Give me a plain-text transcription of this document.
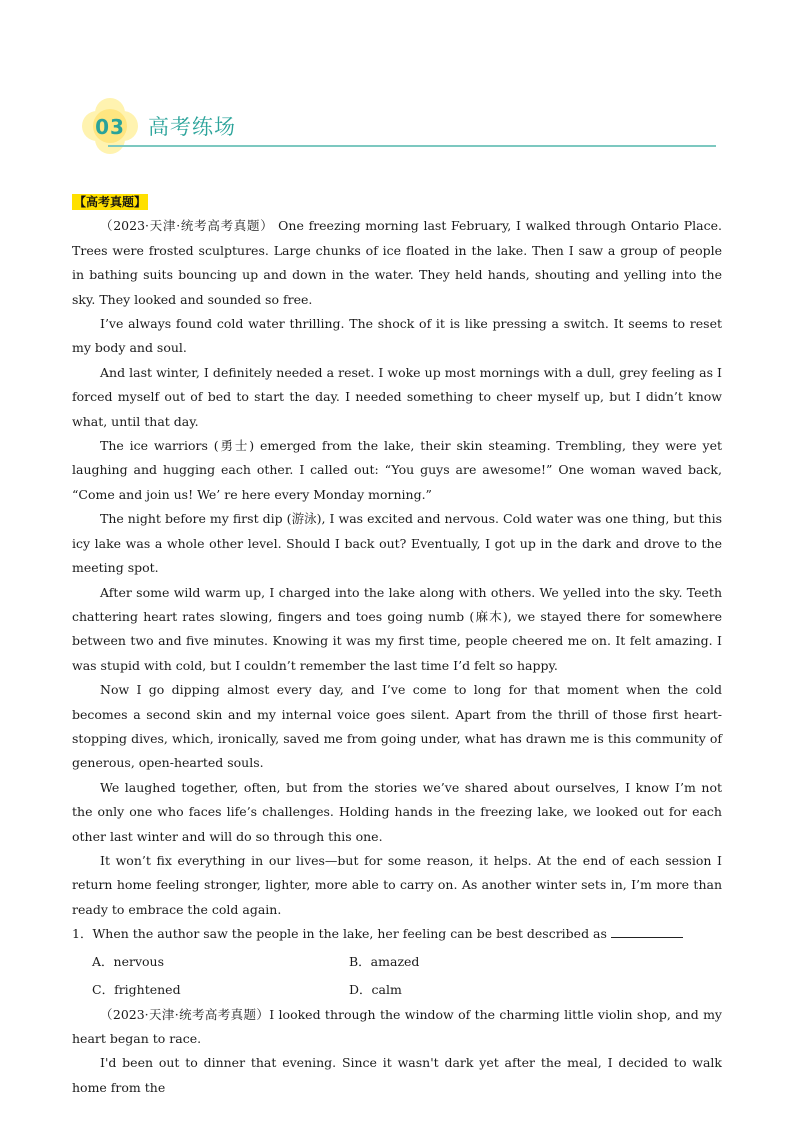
03	高考练场
【高考真题】

（2023·天津·统考高考真题） One freezing morning last February, I walked through Ontario Place. Trees were frosted sculptures. Large chunks of ice floated in the lake. Then I saw a group of people in bathing suits bouncing up and down in the water. They held hands, shouting and yelling into the sky. They looked and sounded so free.

I’ve always found cold water thrilling. The shock of it is like pressing a switch. It seems to reset my body and soul.

And last winter, I definitely needed a reset. I woke up most mornings with a dull, grey feeling as I forced myself out of bed to start the day. I needed something to cheer myself up, but I didn’t know what, until that day.

The ice warriors (勇士) emerged from the lake, their skin steaming. Trembling, they were yet laughing and hugging each other. I called out: “You guys are awesome!” One woman waved back, “Come and join us! We’ re here every Monday morning.”

The night before my first dip (游泳), I was excited and nervous. Cold water was one thing, but this icy lake was a whole other level. Should I back out? Eventually, I got up in the dark and drove to the meeting spot.

After some wild warm up, I charged into the lake along with others. We yelled into the sky. Teeth chattering heart rates slowing, fingers and toes going numb (麻木), we stayed there for somewhere between two and five minutes. Knowing it was my first time, people cheered me on. It felt amazing. I was stupid with cold, but I couldn’t remember the last time I’d felt so happy.

Now I go dipping almost every day, and I’ve come to long for that moment when the cold becomes a second skin and my internal voice goes silent. Apart from the thrill of those first heart-stopping dives, which, ironically, saved me from going under, what has drawn me is this community of generous, open-hearted souls.

We laughed together, often, but from the stories we’ve shared about ourselves, I know I’m not the only one who faces life’s challenges. Holding hands in the freezing lake, we looked out for each other last winter and will do so through this one.

It won’t fix everything in our lives—but for some reason, it helps. At the end of each session I return home feeling stronger, lighter, more able to carry on. As another winter sets in, I’m more than ready to embrace the cold again.

1．When the author saw the people in the lake, her feeling can be best described as

A．nervous	B．amazed
C．frightened	D．calm

（2023·天津·统考高考真题）I looked through the window of the charming little violin shop, and my heart began to race.

I'd been out to dinner that evening. Since it wasn't dark yet after the meal, I decided to walk home from the
